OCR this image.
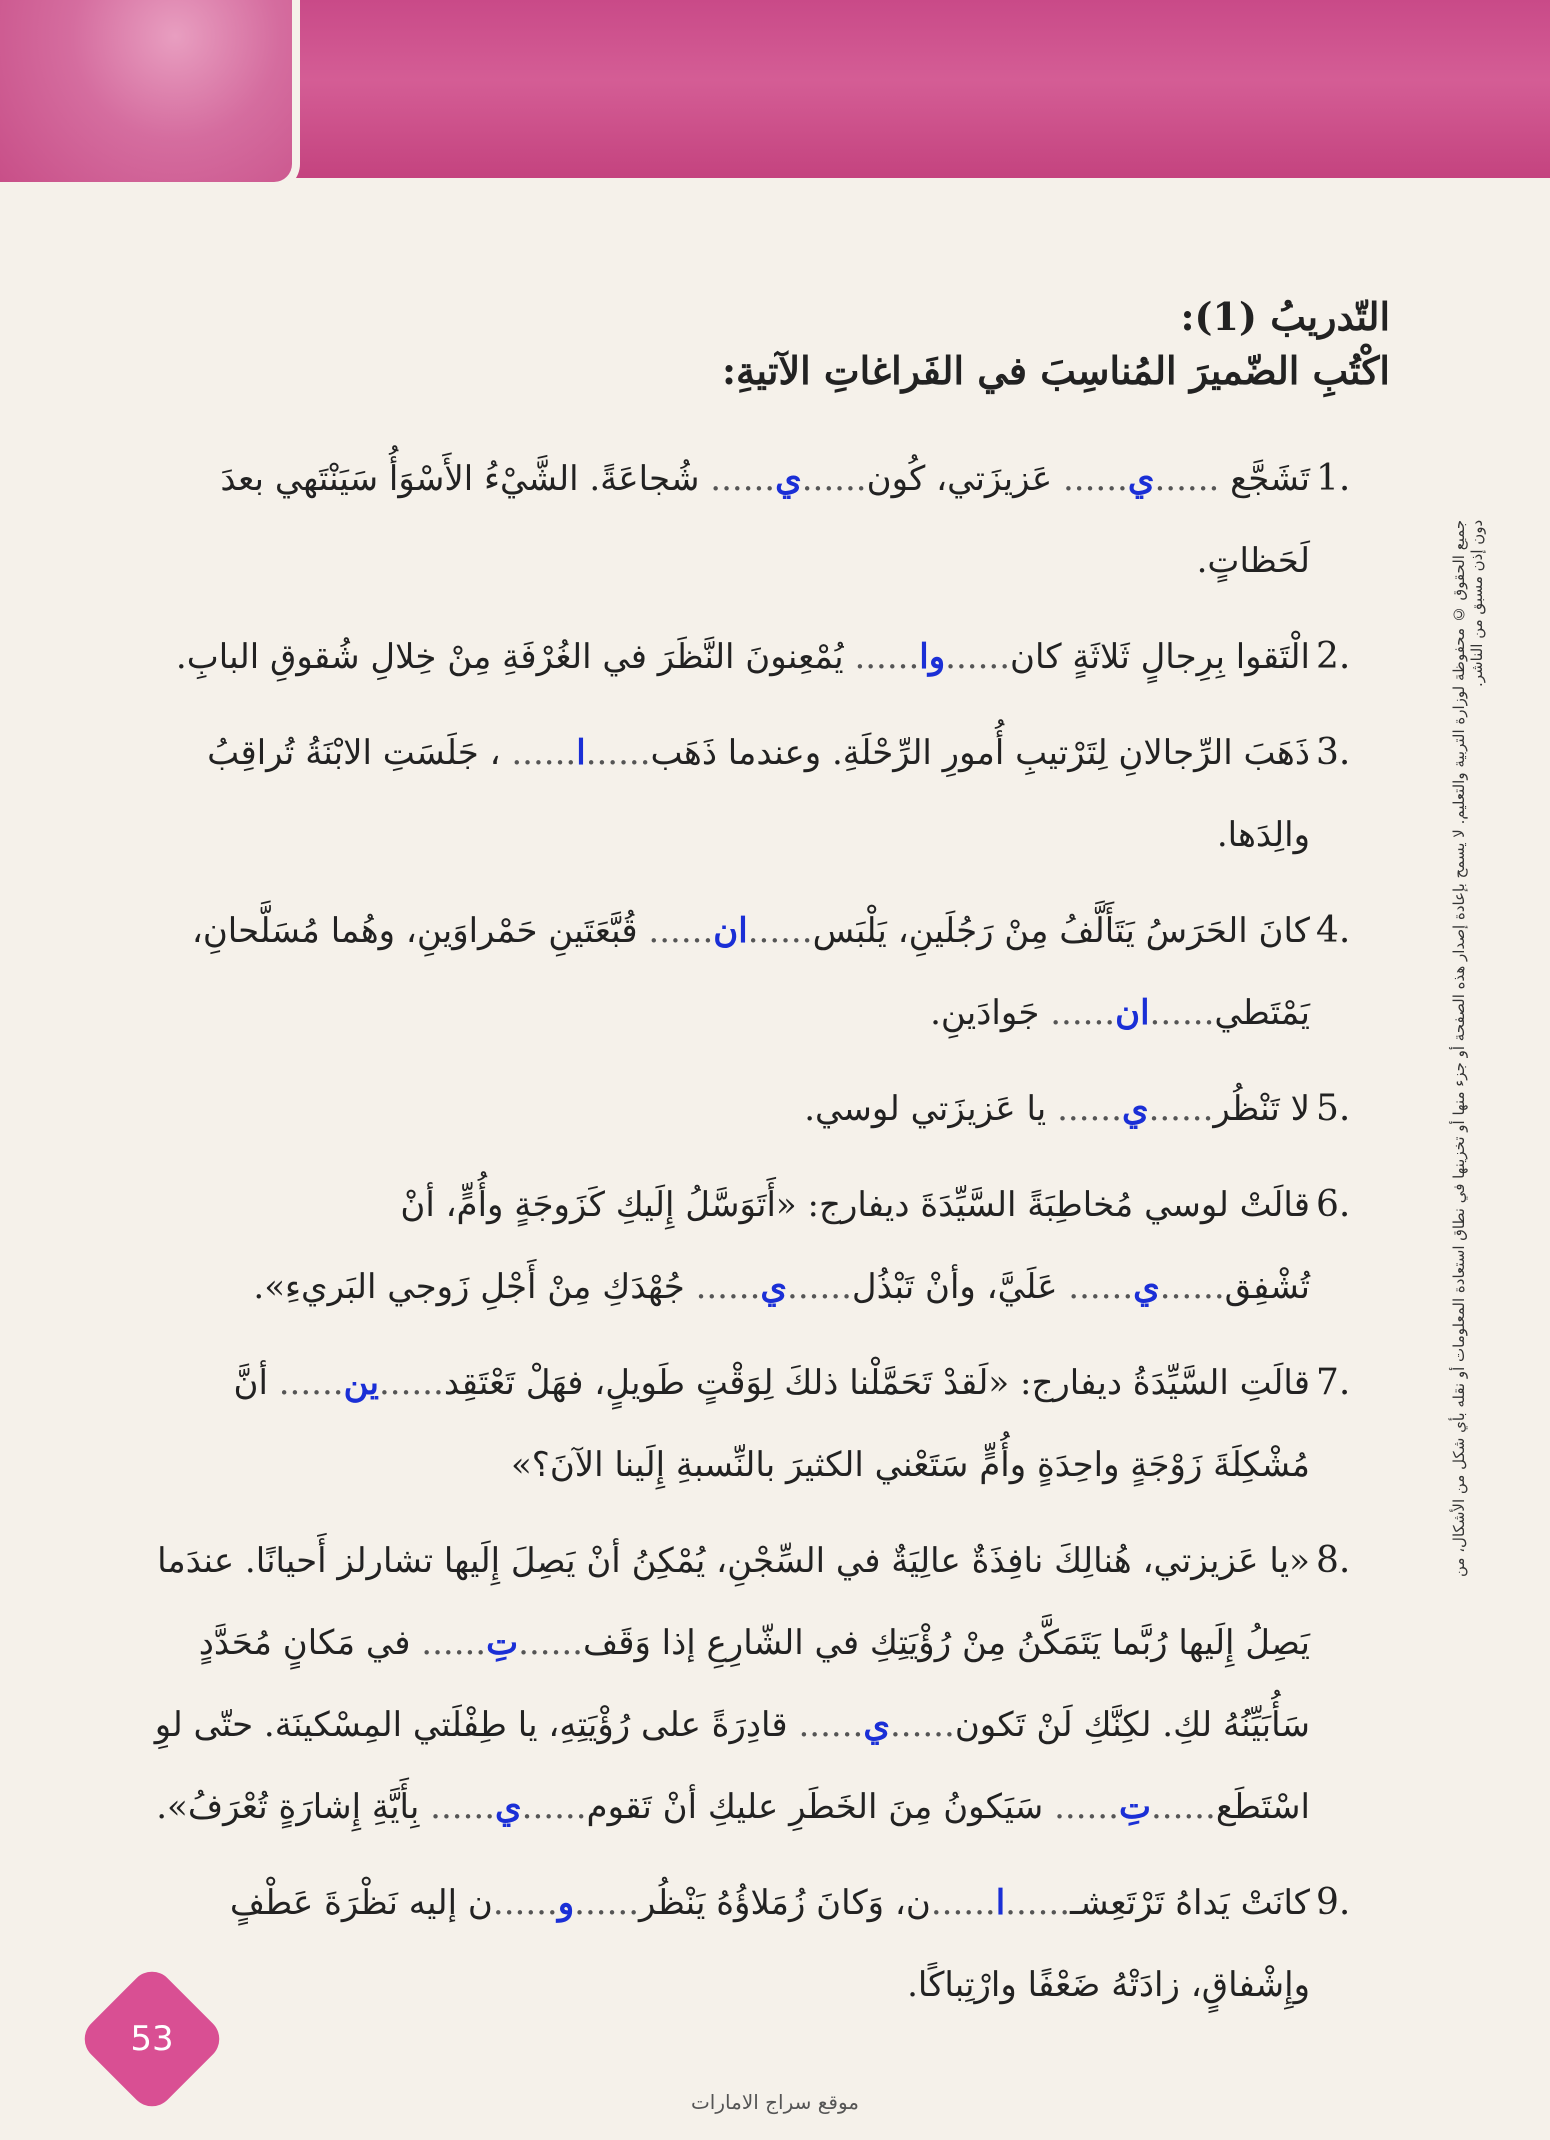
جميع الحقوق © محفوظة لوزارة التربية والتعليم. لا يسمح بإعادة إصدار هذه الصفحة أو جزء منها أو تخزينها في نطاق استعادة المعلومات أو نقله بأي شكل من الأشكال، من دون إذن مسبق من الناشر.
التّدريبُ (1):
اكْتُبِ الضّميرَ المُناسِبَ في الفَراغاتِ الآتيةِ:
1.
تَشَجَّع ......ي...... عَزيزَتي، كُون......ي...... شُجاعَةً. الشَّيْءُ الأَسْوَأُ سَيَنْتَهي بعدَ لَحَظاتٍ.
2.
الْتَقوا بِرِجالٍ ثَلاثَةٍ كان......وا...... يُمْعِنونَ النَّظَرَ في الغُرْفَةِ مِنْ خِلالِ شُقوقِ البابِ.
3.
ذَهَبَ الرِّجالانِ لِتَرْتيبِ أُمورِ الرِّحْلَةِ. وعندما ذَهَب......ا...... ، جَلَسَتِ الابْنَةُ تُراقِبُ والِدَها.
4.
كانَ الحَرَسُ يَتَأَلَّفُ مِنْ رَجُلَينِ، يَلْبَس......ان...... قُبَّعَتَينِ حَمْراوَينِ، وهُما مُسَلَّحانِ، يَمْتَطي......ان...... جَوادَينِ.
5.
لا تَنْظُر......ي...... يا عَزيزَتي لوسي.
6.
قالَتْ لوسي مُخاطِبَةً السَّيِّدَةَ ديفارج: «أَتَوَسَّلُ إِلَيكِ كَزَوجَةٍ وأُمٍّ، أنْ تُشْفِق......ي...... عَلَيَّ، وأنْ تَبْذُل......ي...... جُهْدَكِ مِنْ أَجْلِ زَوجي البَريءِ».
7.
قالَتِ السَّيِّدَةُ ديفارج: «لَقدْ تَحَمَّلْنا ذلكَ لِوَقْتٍ طَويلٍ، فهَلْ تَعْتَقِد......ين...... أنَّ مُشْكِلَةَ زَوْجَةٍ واحِدَةٍ وأُمٍّ سَتَعْني الكثيرَ بالنِّسبةِ إِلَينا الآنَ؟»
8.
«يا عَزيزتي، هُنالِكَ نافِذَةٌ عالِيَةٌ في السِّجْنِ، يُمْكِنُ أنْ يَصِلَ إِلَيها تشارلز أَحيانًا. عندَما يَصِلُ إِلَيها رُبَّما يَتَمَكَّنُ مِنْ رُؤْيَتِكِ في الشّارِعِ إذا وَقَف......تِ...... في مَكانٍ مُحَدَّدٍ سَأُبَيِّنُهُ لكِ. لكِنَّكِ لَنْ تَكون......ي...... قادِرَةً على رُؤْيَتِهِ، يا طِفْلَتي المِسْكينَة. حتّى لوِ اسْتَطَع......تِ...... سَيَكونُ مِنَ الخَطَرِ عليكِ أنْ تَقوم......ي...... بِأَيَّةِ إِشارَةٍ تُعْرَفُ».
9.
كانَتْ يَداهُ تَرْتَعِشـ......ا......ن، وَكانَ زُمَلاؤُهُ يَنْظُر......و......ن إليه نَظْرَةَ عَطْفٍ وإِشْفاقٍ، زادَتْهُ ضَعْفًا وارْتِباكًا.
53
موقع سراج الامارات
